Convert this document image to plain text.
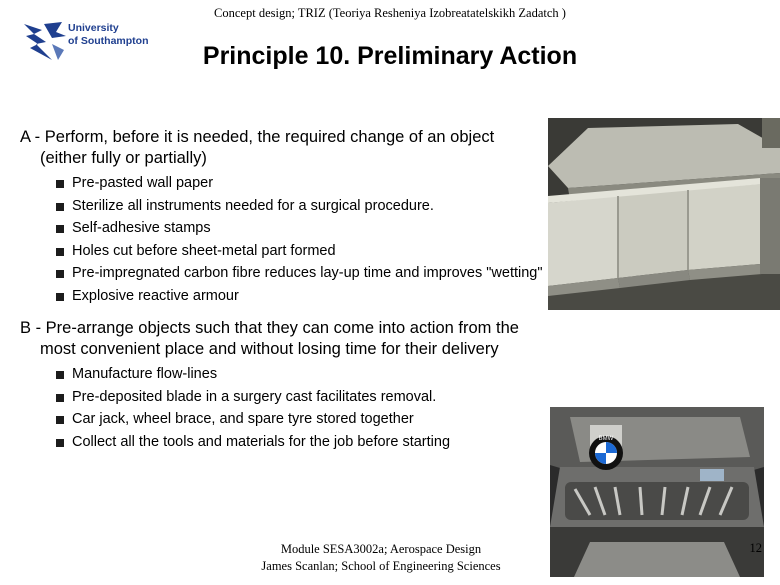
Concept design; TRIZ (Teoriya Resheniya Izobreatatelskikh Zadatch )
University
of Southampton
Principle 10. Preliminary Action
A - Perform, before it is needed, the required change of an object
(either fully or partially)
Pre-pasted wall paper
Sterilize all instruments needed for a surgical procedure.
Self-adhesive stamps
Holes cut before sheet-metal part formed
Pre-impregnated carbon fibre reduces lay-up time and improves "wetting"
Explosive reactive armour
B - Pre-arrange objects such that they can come into action from the
most convenient place and without losing time for their delivery
Manufacture flow-lines
Pre-deposited blade in a surgery cast facilitates removal.
Car jack, wheel brace, and spare tyre stored together
Collect all the tools and materials for the job before starting	BMW
Module SESA3002a; Aerospace Design
James Scanlan; School of Engineering Sciences
12
